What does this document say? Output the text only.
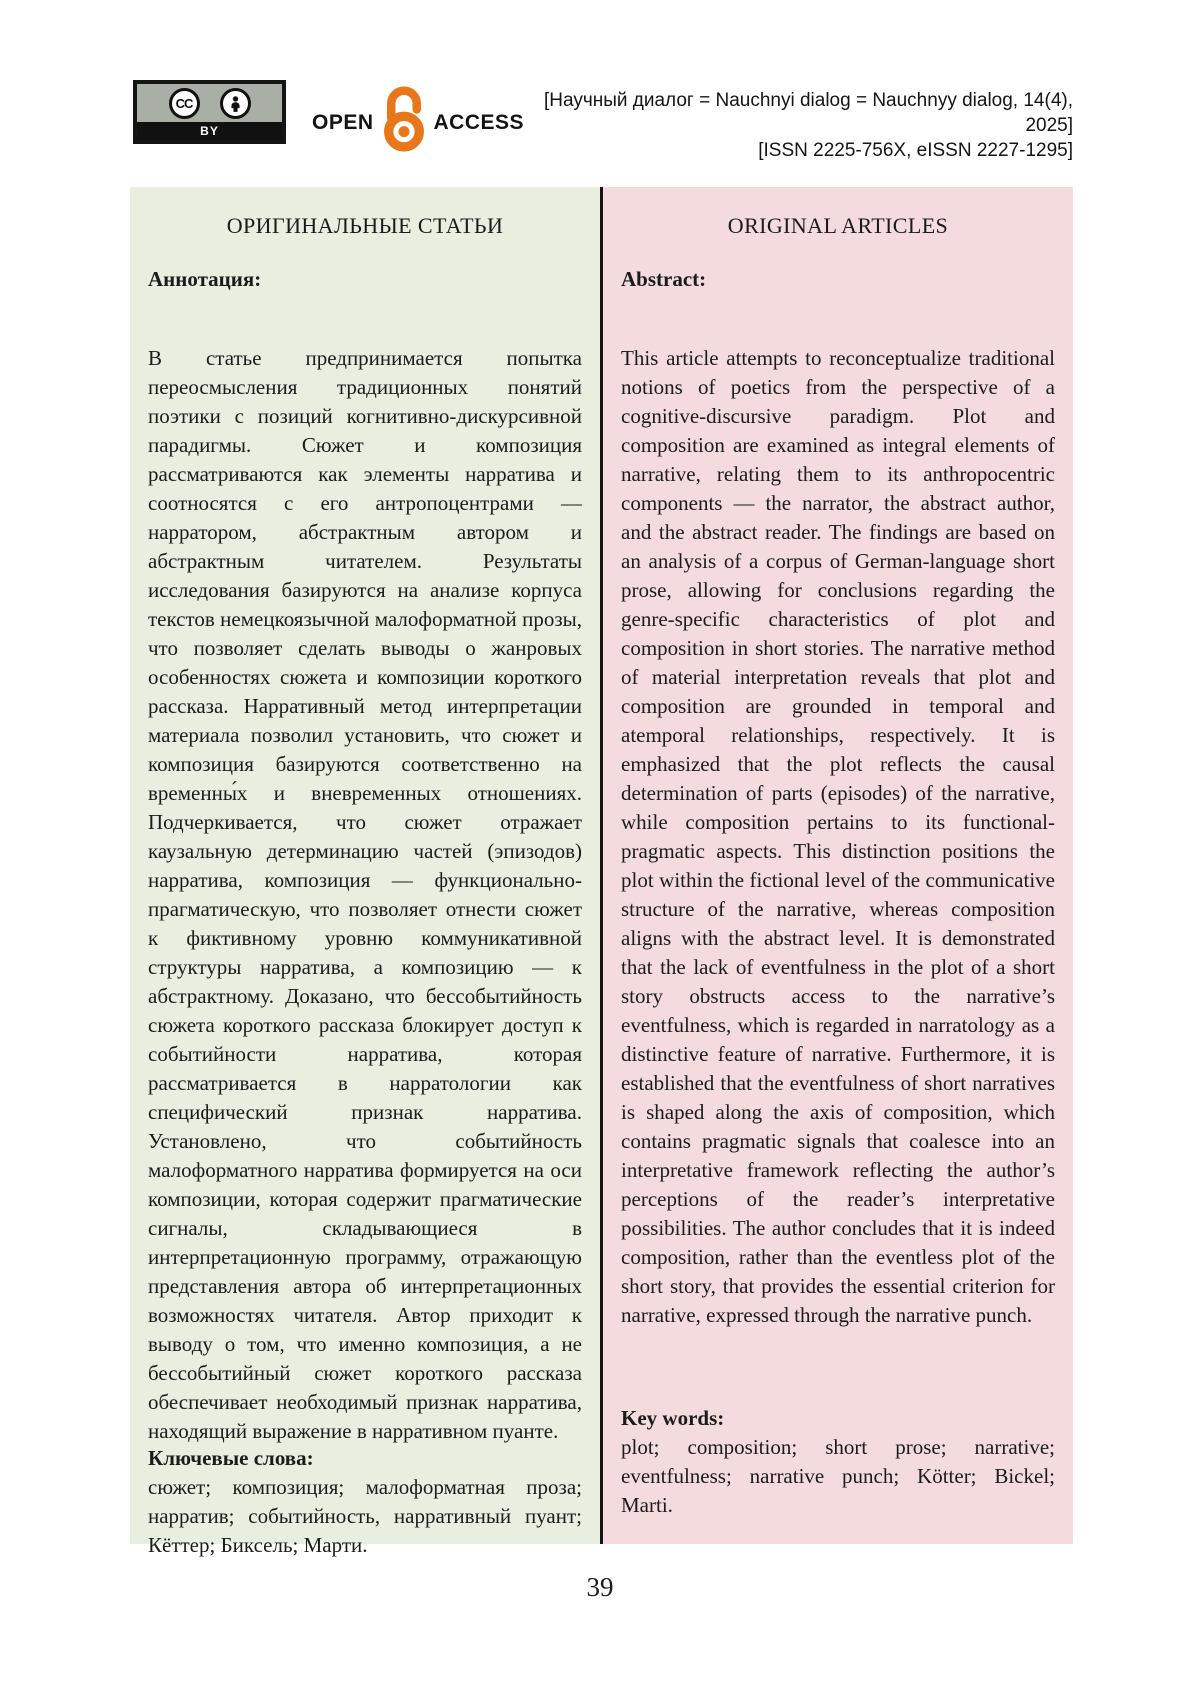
CC
BY	OPEN	ACCESS
[Научный диалог = Nauchnyi dialog = Nauchnyy dialog, 14(4), 2025]
[ISSN 2225-756X, eISSN 2227-1295]
ОРИГИНАЛЬНЫЕ СТАТЬИ
Аннотация:
В статье предпринимается попытка переосмысления традиционных понятий поэтики с позиций когнитивно-дискурсивной парадигмы. Сюжет и композиция рассматриваются как элементы нарратива и соотносятся с его антропоцентрами — нарратором, абстрактным автором и абстрактным читателем. Результаты исследования базируются на анализе корпуса текстов немецкоязычной малоформатной прозы, что позволяет сделать выводы о жанровых особенностях сюжета и композиции короткого рассказа. Нарративный метод интерпретации материала позволил установить, что сюжет и композиция базируются соответственно на временны́х и вневременных отношениях. Подчеркивается, что сюжет отражает каузальную детерминацию частей (эпизодов) нарратива, композиция — функционально-прагматическую, что позволяет отнести сюжет к фиктивному уровню коммуникативной структуры нарратива, а композицию — к абстрактному. Доказано, что бессобытийность сюжета короткого рассказа блокирует доступ к событийности нарратива, которая рассматривается в нарратологии как специфический признак нарратива. Установлено, что событийность малоформатного нарратива формируется на оси композиции, которая содержит прагматические сигналы, складывающиеся в интерпретационную программу, отражающую представления автора об интерпретационных возможностях читателя. Автор приходит к выводу о том, что именно композиция, а не бессобытийный сюжет короткого рассказа обеспечивает необходимый признак нарратива, находящий выражение в нарративном пуанте.
Ключевые слова:
сюжет; композиция; малоформатная проза; нарратив; событийность, нарративный пуант; Кёттер; Биксель; Марти.
ORIGINAL ARTICLES
Abstract:
This article attempts to reconceptualize traditional notions of poetics from the perspective of a cognitive-discursive paradigm. Plot and composition are examined as integral elements of narrative, relating them to its anthropocentric components — the narrator, the abstract author, and the abstract reader. The findings are based on an analysis of a corpus of German-language short prose, allowing for conclusions regarding the genre-specific characteristics of plot and composition in short stories. The narrative method of material interpretation reveals that plot and composition are grounded in temporal and atemporal relationships, respectively. It is emphasized that the plot reflects the causal determination of parts (episodes) of the narrative, while composition pertains to its functional-pragmatic aspects. This distinction positions the plot within the fictional level of the communicative structure of the narrative, whereas composition aligns with the abstract level. It is demonstrated that the lack of eventfulness in the plot of a short story obstructs access to the narrative’s eventfulness, which is regarded in narratology as a distinctive feature of narrative. Furthermore, it is established that the eventfulness of short narratives is shaped along the axis of composition, which contains pragmatic signals that coalesce into an interpretative framework reflecting the author’s perceptions of the reader’s interpretative possibilities. The author concludes that it is indeed composition, rather than the eventless plot of the short story, that provides the essential criterion for narrative, expressed through the narrative punch.
Key words:
plot; composition; short prose; narrative; eventfulness; narrative punch; Kötter; Bickel; Marti.
39
